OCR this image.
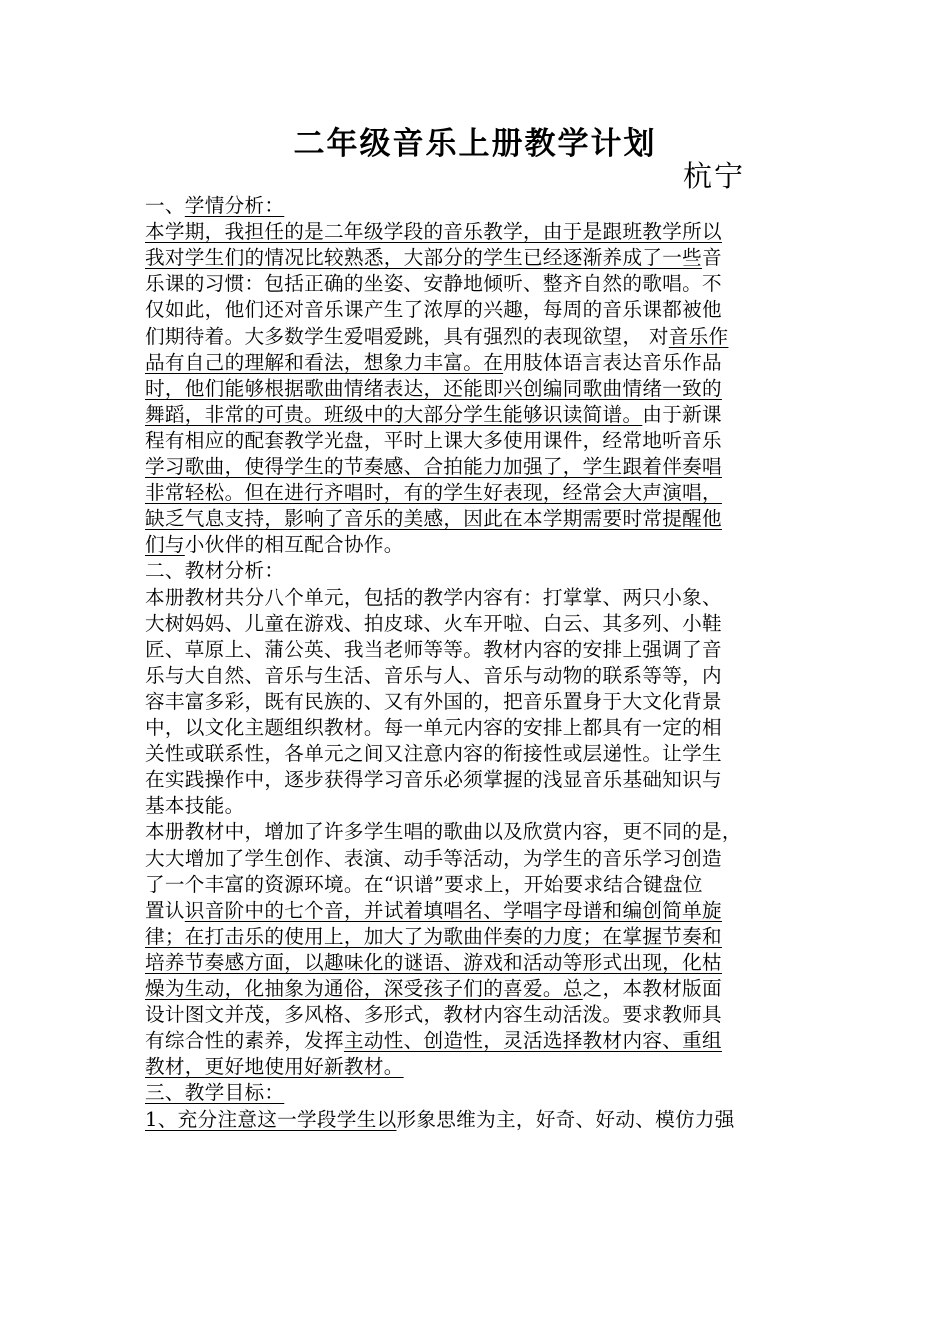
二年级音乐上册教学计划
杭宁
一、学情分析：
本学期，我担任的是二年级学段的音乐教学，由于是跟班教学所以
我对学生们的情况比较熟悉，大部分的学生已经逐渐养成了一些音
乐课的习惯：包括正确的坐姿、安静地倾听、整齐自然的歌唱。不
仅如此，他们还对音乐课产生了浓厚的兴趣，每周的音乐课都被他
们期待着。大多数学生爱唱爱跳，具有强烈的表现欲望， 对音乐作
品有自己的理解和看法，想象力丰富。在用肢体语言表达音乐作品
时，他们能够根据歌曲情绪表达，还能即兴创编同歌曲情绪一致的
舞蹈，非常的可贵。班级中的大部分学生能够识读简谱。由于新课
程有相应的配套教学光盘，平时上课大多使用课件，经常地听音乐
学习歌曲，使得学生的节奏感、合拍能力加强了，学生跟着伴奏唱
非常轻松。但在进行齐唱时，有的学生好表现，经常会大声演唱，
缺乏气息支持，影响了音乐的美感，因此在本学期需要时常提醒他
们与小伙伴的相互配合协作。
二、教材分析：
本册教材共分八个单元，包括的教学内容有：打掌掌、两只小象、
大树妈妈、儿童在游戏、拍皮球、火车开啦、白云、其多列、小鞋
匠、草原上、蒲公英、我当老师等等。教材内容的安排上强调了音
乐与大自然、音乐与生活、音乐与人、音乐与动物的联系等等，内
容丰富多彩，既有民族的、又有外国的，把音乐置身于大文化背景
中，以文化主题组织教材。每一单元内容的安排上都具有一定的相
关性或联系性，各单元之间又注意内容的衔接性或层递性。让学生
在实践操作中，逐步获得学习音乐必须掌握的浅显音乐基础知识与
基本技能。
本册教材中，增加了许多学生唱的歌曲以及欣赏内容，更不同的是，
大大增加了学生创作、表演、动手等活动，为学生的音乐学习创造
了一个丰富的资源环境。在“识谱”要求上，开始要求结合键盘位
置认识音阶中的七个音，并试着填唱名、学唱字母谱和编创简单旋
律；在打击乐的使用上，加大了为歌曲伴奏的力度；在掌握节奏和
培养节奏感方面，以趣味化的谜语、游戏和活动等形式出现，化枯
燥为生动，化抽象为通俗，深受孩子们的喜爱。总之，本教材版面
设计图文并茂，多风格、多形式，教材内容生动活泼。要求教师具
有综合性的素养，发挥主动性、创造性，灵活选择教材内容、重组
教材，更好地使用好新教材。
三、教学目标：
1、充分注意这一学段学生以形象思维为主，好奇、好动、模仿力强
